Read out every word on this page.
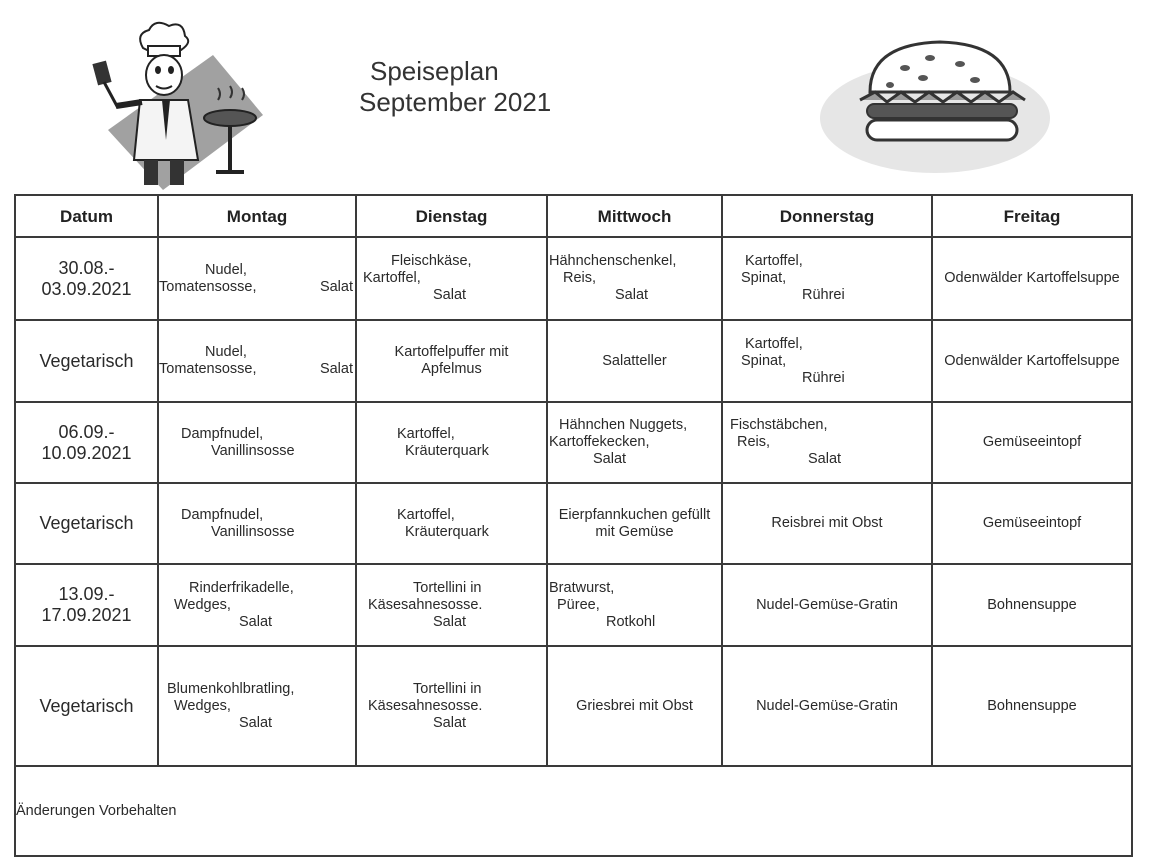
Speiseplan
September 2021
Datum	Montag	Dienstag	Mittwoch	Donnerstag	Freitag
30.08.- 03.09.2021	Nudel,
Tomatensosse, Salat	Fleischkäse,
Kartoffel,
Salat	Hähnchenschenkel,
Reis,
Salat	Kartoffel,
Spinat,
Rührei	Odenwälder Kartoffelsuppe

Vegetarisch	Nudel,
Tomatensosse, Salat	Kartoffelpuffer mit
Apfelmus	Salatteller	Kartoffel,
Spinat,
Rührei	Odenwälder Kartoffelsuppe

06.09.- 10.09.2021	Dampfnudel,
Vanillinsosse	Kartoffel,
Kräuterquark	Hähnchen Nuggets,
Kartoffekecken,
Salat	Fischstäbchen,
Reis,
Salat	Gemüseeintopf

Vegetarisch	Dampfnudel,
Vanillinsosse	Kartoffel,
Kräuterquark	Eierpfannkuchen gefüllt
mit Gemüse	Reisbrei mit Obst	Gemüseeintopf

13.09.- 17.09.2021	Rinderfrikadelle,
Wedges,
Salat	Tortellini in
Käsesahnesosse.
Salat	Bratwurst,
Püree,
Rotkohl	Nudel-Gemüse-Gratin	Bohnensuppe

Vegetarisch	Blumenkohlbratling,
Wedges,
Salat	Tortellini in
Käsesahnesosse.
Salat	Griesbrei mit Obst	Nudel-Gemüse-Gratin	Bohnensuppe

Änderungen Vorbehalten					
